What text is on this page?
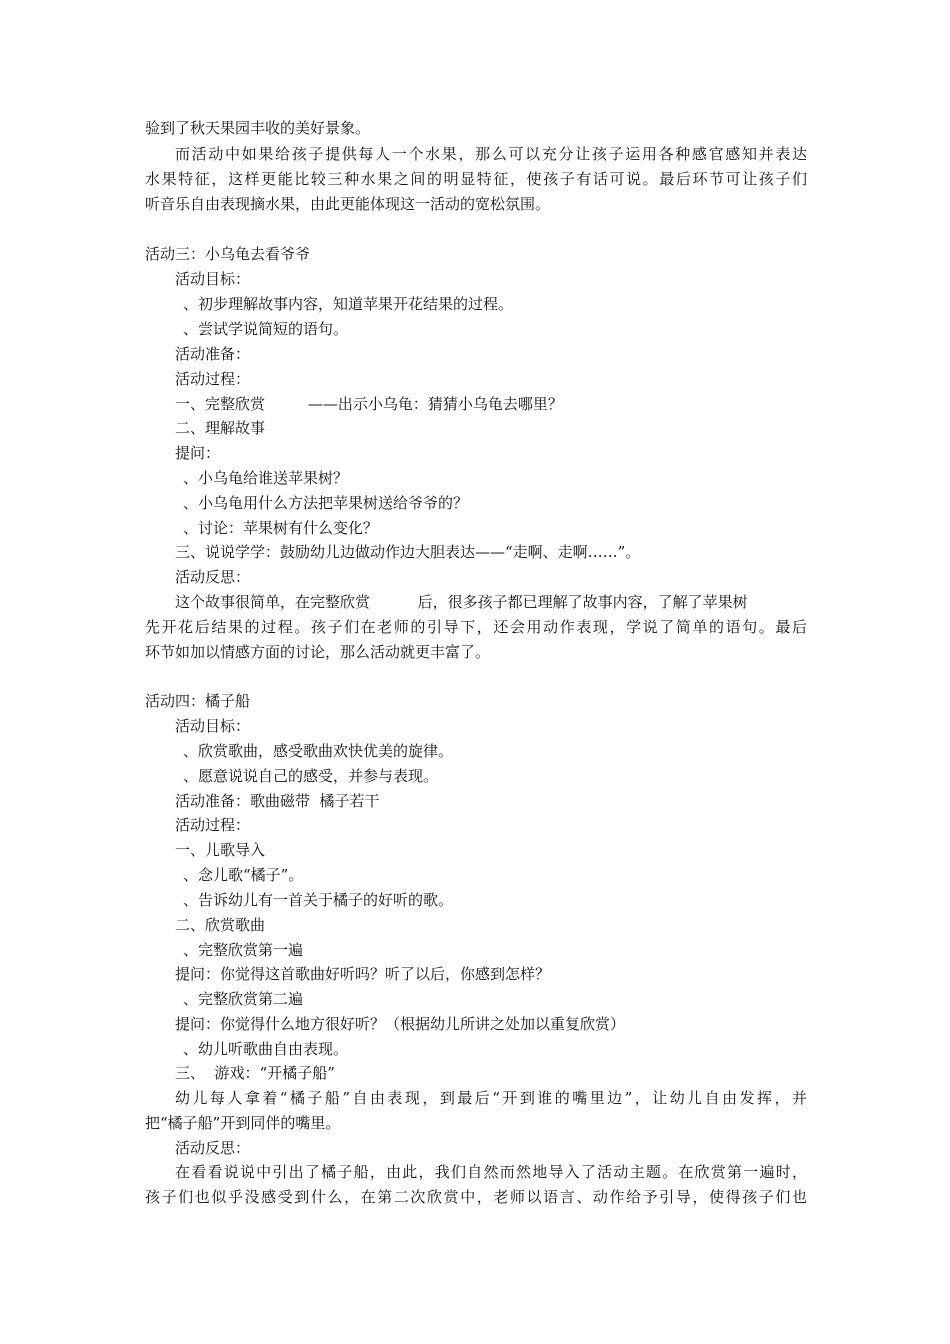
验到了秋天果园丰收的美好景象。
而活动中如果给孩子提供每人一个水果，那么可以充分让孩子运用各种感官感知并表达
水果特征，这样更能比较三种水果之间的明显特征，使孩子有话可说。最后环节可让孩子们
听音乐自由表现摘水果，由此更能体现这一活动的宽松氛围。
活动三：小乌龟去看爷爷
活动目标：
、初步理解故事内容，知道苹果开花结果的过程。
、尝试学说简短的语句。
活动准备：
活动过程：
一、完整欣赏         ——出示小乌龟：猜猜小乌龟去哪里？
二、理解故事
提问：
、小乌龟给谁送苹果树？
、小乌龟用什么方法把苹果树送给爷爷的？
、讨论：苹果树有什么变化？
三、说说学学：鼓励幼儿边做动作边大胆表达——“走啊、走啊……”。
活动反思：
这个故事很简单，在完整欣赏          后，很多孩子都已理解了故事内容，了解了苹果树
先开花后结果的过程。孩子们在老师的引导下，还会用动作表现，学说了简单的语句。最后
环节如加以情感方面的讨论，那么活动就更丰富了。
活动四：橘子船
活动目标：
、欣赏歌曲，感受歌曲欢快优美的旋律。
、愿意说说自己的感受，并参与表现。
活动准备：歌曲磁带  橘子若干
活动过程：
一、儿歌导入
、念儿歌“橘子”。
、告诉幼儿有一首关于橘子的好听的歌。
二、欣赏歌曲
、完整欣赏第一遍
提问：你觉得这首歌曲好听吗？听了以后，你感到怎样？
、完整欣赏第二遍
提问：你觉得什么地方很好听？（根据幼儿所讲之处加以重复欣赏）
、幼儿听歌曲自由表现。
三、  游戏：“开橘子船”
幼儿每人拿着“橘子船”自由表现，到最后“开到谁的嘴里边”，让幼儿自由发挥，并
把“橘子船”开到同伴的嘴里。
活动反思：
在看看说说中引出了橘子船，由此，我们自然而然地导入了活动主题。在欣赏第一遍时，
孩子们也似乎没感受到什么，在第二次欣赏中，老师以语言、动作给予引导，使得孩子们也
